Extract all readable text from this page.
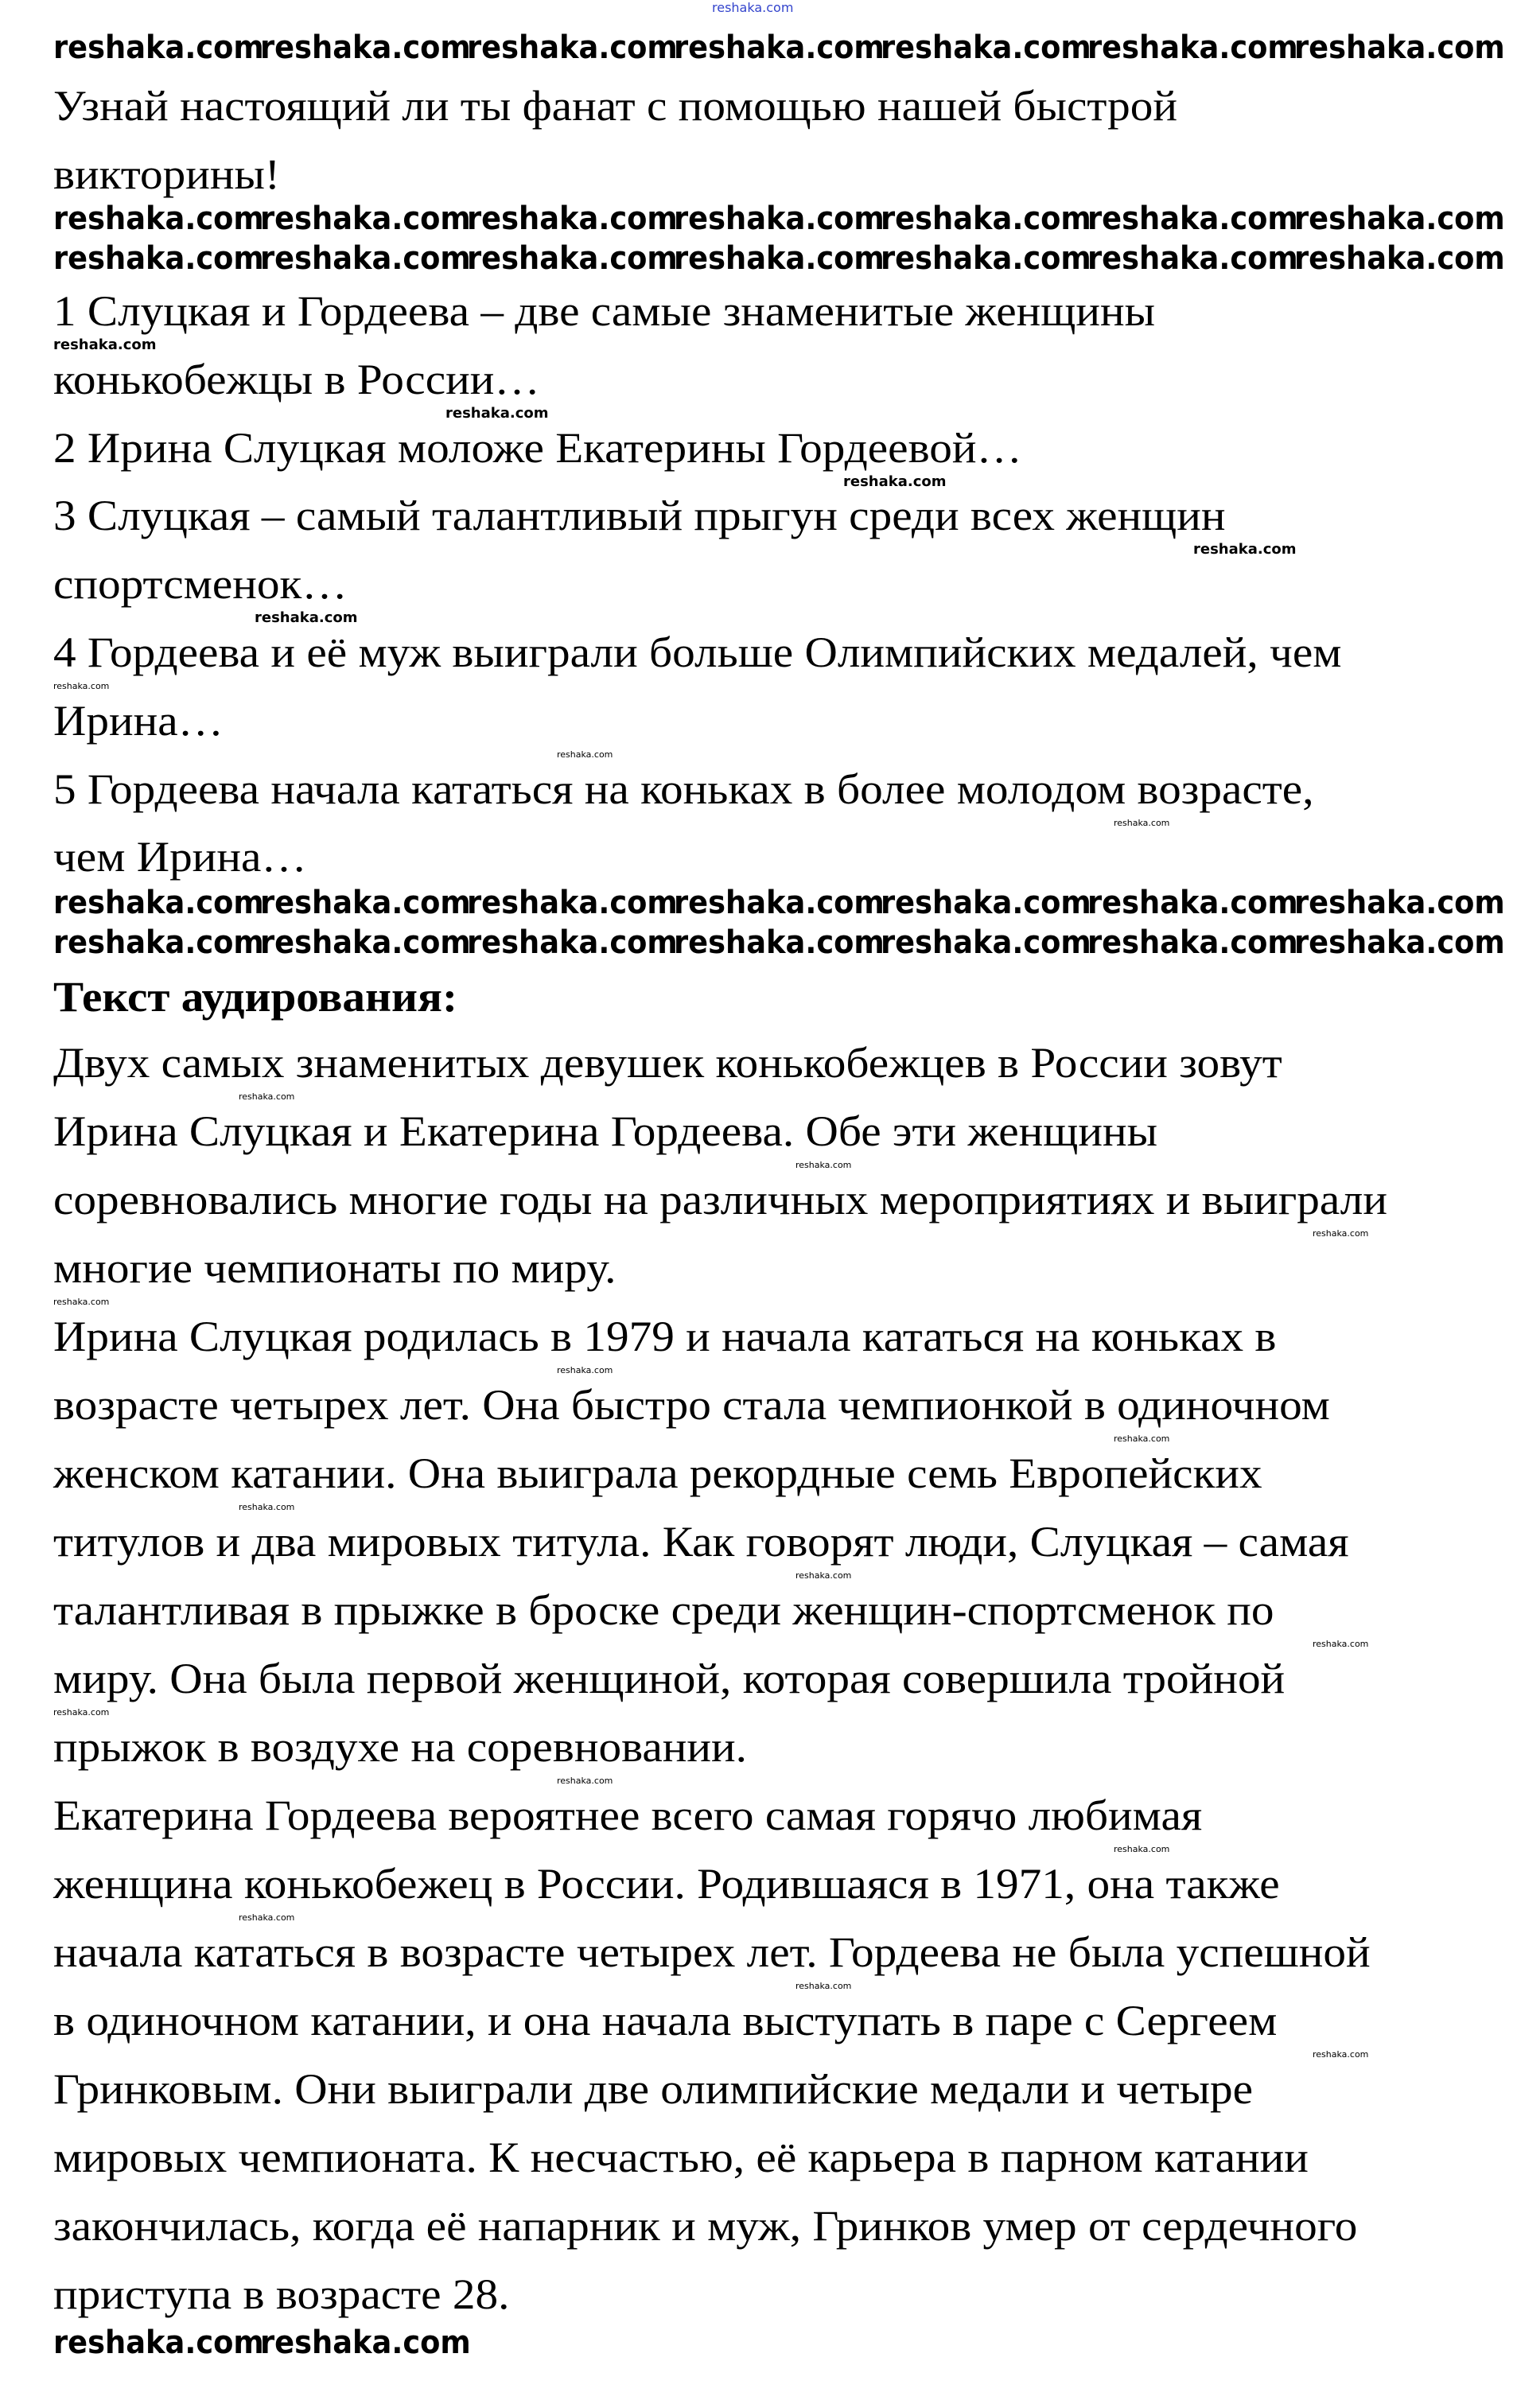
reshaka.com
Узнай настоящий ли ты фанат с помощью нашей быстрой
викторины!
1 Слуцкая и Гордеева – две самые знаменитые женщины
конькобежцы в России…
2 Ирина Слуцкая моложе Екатерины Гордеевой…
3 Слуцкая – самый талантливый прыгун среди всех женщин
спортсменок…
4 Гордеева и её муж выиграли больше Олимпийских медалей, чем
Ирина…
5 Гордеева начала кататься на коньках в более молодом возрасте,
чем Ирина…
Текст аудирования:
Двух самых знаменитых девушек конькобежцев в России зовут
Ирина Слуцкая и Екатерина Гордеева. Обе эти женщины
соревновались многие годы на различных мероприятиях и выиграли
многие чемпионаты по миру.
Ирина Слуцкая родилась в 1979 и начала кататься на коньках в
возрасте четырех лет. Она быстро стала чемпионкой в одиночном
женском катании. Она выиграла рекордные семь Европейских
титулов и два мировых титула. Как говорят люди, Слуцкая – самая
талантливая в прыжке в броске среди женщин-спортсменок по
миру. Она была первой женщиной, которая совершила тройной
прыжок в воздухе на соревновании.
Екатерина Гордеева вероятнее всего самая горячо любимая
женщина конькобежец в России. Родившаяся в 1971, она также
начала кататься в возрасте четырех лет. Гордеева не была успешной
в одиночном катании, и она начала выступать в паре с Сергеем
Гринковым. Они выиграли две олимпийские медали и четыре
мировых чемпионата. К несчастью, её карьера в парном катании
закончилась, когда её напарник и муж, Гринков умер от сердечного
приступа в возрасте 28.
reshaka.com
reshaka.com
reshaka.com
reshaka.com
reshaka.com
reshaka.com
reshaka.com
reshaka.com
reshaka.com
reshaka.com
reshaka.com
reshaka.com
reshaka.com
reshaka.com
reshaka.com
reshaka.com
reshaka.com
reshaka.com
reshaka.com
reshaka.com
reshaka.com
reshaka.com
reshaka.com
reshaka.com
reshaka.com
reshaka.com
reshaka.com
reshaka.com
reshaka.com
reshaka.com
reshaka.com
reshaka.com
reshaka.com
reshaka.com
reshaka.com
reshaka.com
reshaka.com
reshaka.com
reshaka.com
reshaka.com
reshaka.com
reshaka.com
reshaka.com
reshaka.com
reshaka.com
reshaka.com
reshaka.com
reshaka.com
reshaka.com
reshaka.com
reshaka.com
reshaka.com
reshaka.com
reshaka.com
reshaka.com
reshaka.com
reshaka.com
reshaka.com
reshaka.com
reshaka.com
